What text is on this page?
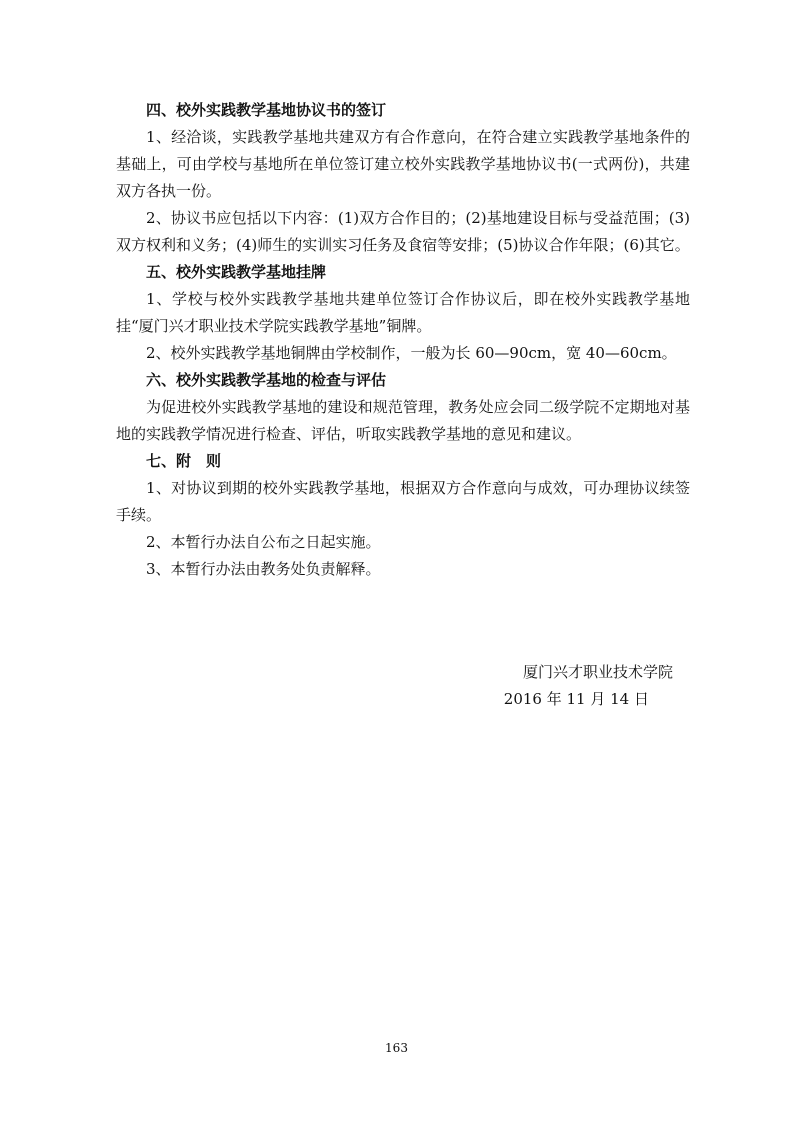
四、校外实践教学基地协议书的签订

1、经洽谈，实践教学基地共建双方有合作意向，在符合建立实践教学基地条件的基础上，可由学校与基地所在单位签订建立校外实践教学基地协议书(一式两份)，共建双方各执一份。

2、协议书应包括以下内容：(1)双方合作目的；(2)基地建设目标与受益范围；(3)双方权利和义务；(4)师生的实训实习任务及食宿等安排；(5)协议合作年限；(6)其它。

五、校外实践教学基地挂牌

1、学校与校外实践教学基地共建单位签订合作协议后，即在校外实践教学基地挂“厦门兴才职业技术学院实践教学基地”铜牌。

2、校外实践教学基地铜牌由学校制作，一般为长 60—90cm，宽 40—60cm。

六、校外实践教学基地的检查与评估

为促进校外实践教学基地的建设和规范管理，教务处应会同二级学院不定期地对基地的实践教学情况进行检查、评估，听取实践教学基地的意见和建议。

七、附　则

1、对协议到期的校外实践教学基地，根据双方合作意向与成效，可办理协议续签手续。

2、本暂行办法自公布之日起实施。

3、本暂行办法由教务处负责解释。

厦门兴才职业技术学院

2016 年 11 月 14 日

163
